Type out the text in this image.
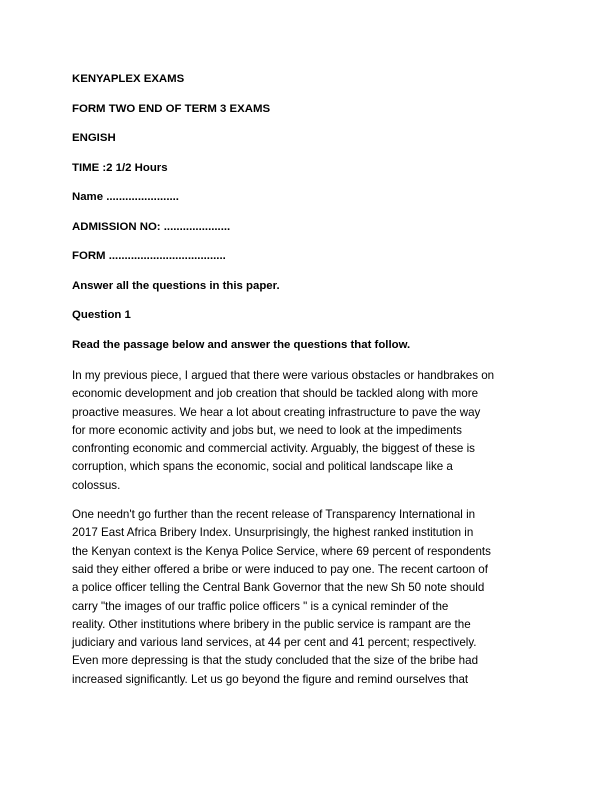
KENYAPLEX EXAMS

FORM TWO END OF TERM 3 EXAMS

ENGISH

TIME :2 1/2 Hours

Name .......................

ADMISSION NO: .....................

FORM .....................................

Answer all the questions in this paper.

Question 1

Read the passage below and answer the questions that follow.

In my previous piece, I argued that there were various obstacles or handbrakes on
economic development and job creation that should be tackled along with more
proactive measures. We hear a lot about creating infrastructure to pave the way
for more economic activity and jobs but, we need to look at the impediments
confronting economic and commercial activity. Arguably, the biggest of these is
corruption, which spans the economic, social and political landscape like a
colossus.

One needn't go further than the recent release of Transparency International in
2017 East Africa Bribery Index. Unsurprisingly, the highest ranked institution in
the Kenyan context is the Kenya Police Service, where 69 percent of respondents
said they either offered a bribe or were induced to pay one. The recent cartoon of
a police officer telling the Central Bank Governor that the new Sh 50 note should
carry "the images of our traffic police officers " is a cynical reminder of the
reality. Other institutions where bribery in the public service is rampant are the
judiciary and various land services, at 44 per cent and 41 percent; respectively.
Even more depressing is that the study concluded that the size of the bribe had
increased significantly. Let us go beyond the figure and remind ourselves that
